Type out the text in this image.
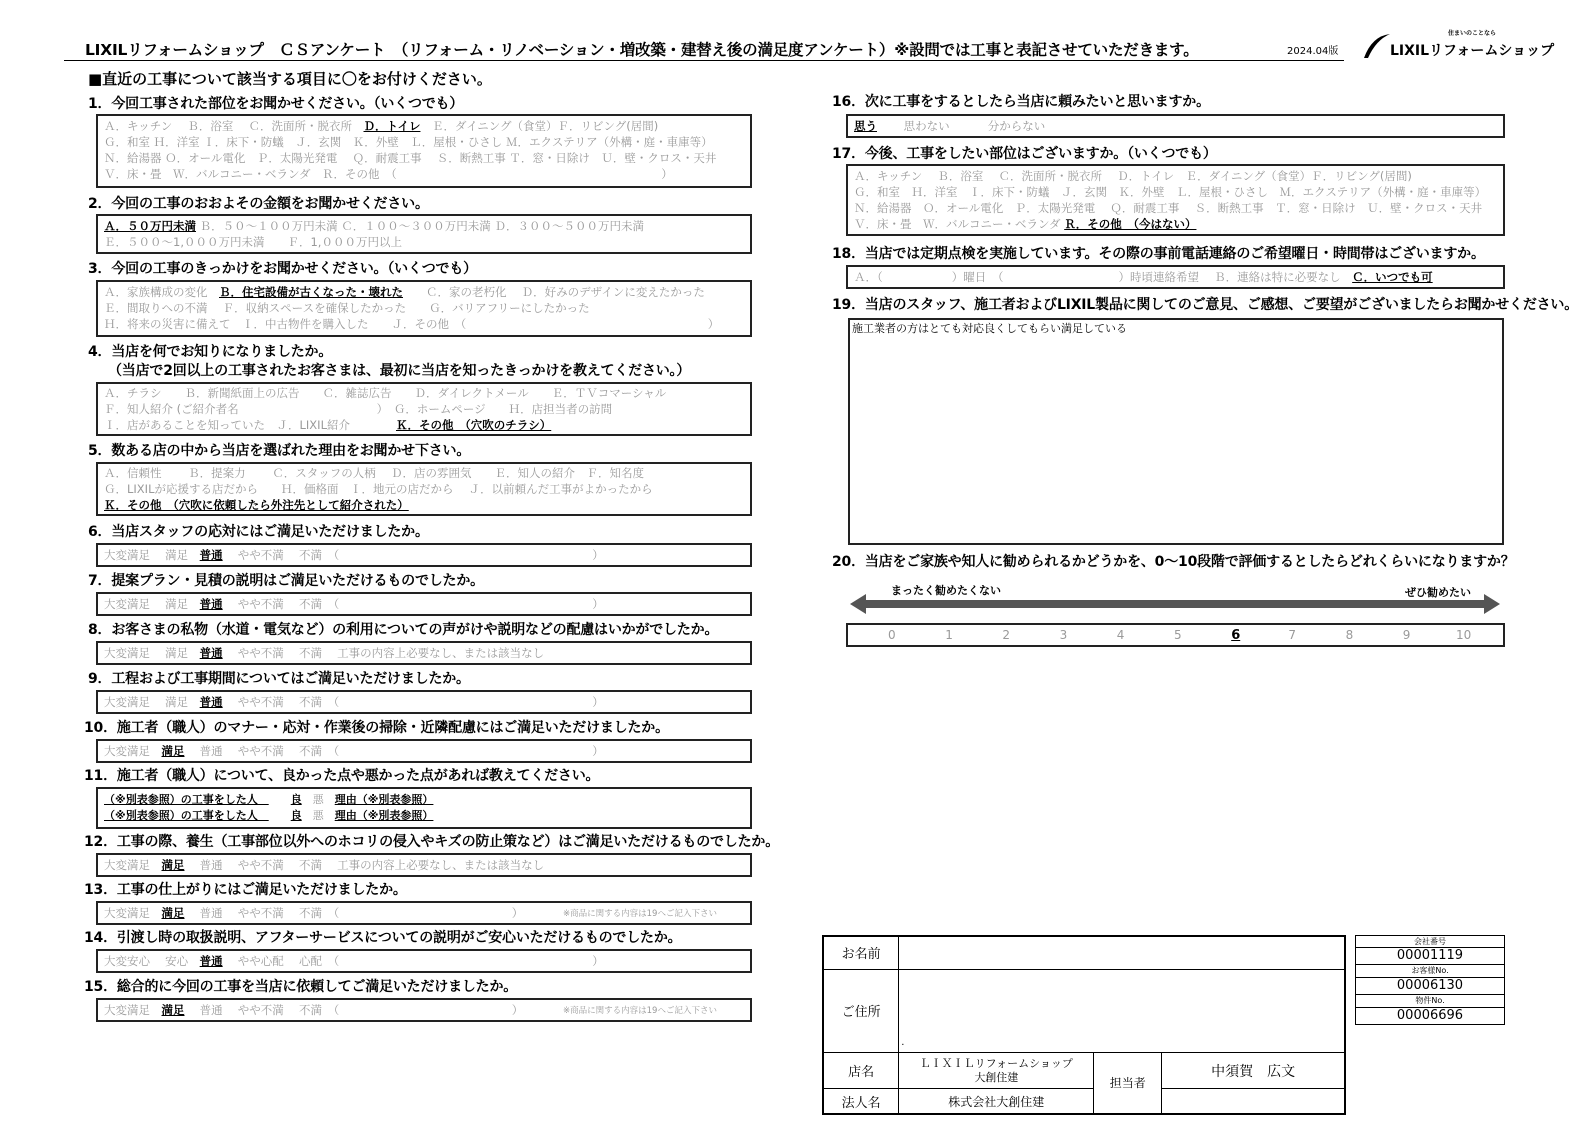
LIXILリフォームショップ　ＣＳアンケート　（リフォーム・リノベーション・増改築・建替え後の満足度アンケート）※設問では工事と表記させていただきます。	2024.04版
住まいのことなら
LIXILリフォームショップ
■直近の工事について該当する項目に〇をお付けください。
1．今回工事された部位をお聞かせください。（いくつでも）
Ａ．キッチン　 Ｂ．浴室　 Ｃ．洗面所・脱衣所　Ｄ．トイレ　Ｅ．ダイニング（食堂）Ｆ．リビング(居間)
Ｇ．和室 Ｈ．洋室 Ｉ．床下・防蟻　Ｊ．玄関　Ｋ．外壁　Ｌ．屋根・ひさし Ｍ．エクステリア（外構・庭・車庫等）
Ｎ．給湯器 Ｏ．オール電化　Ｐ．太陽光発電　 Ｑ．耐震工事　 Ｓ．断熱工事 Ｔ．窓・日除け　Ｕ．壁・クロス・天井
Ｖ．床・畳　Ｗ．バルコニー・ベランダ　Ｒ．その他　（　　　　　　　　　　　　　　　　　　　　　　　）
2．今回の工事のおおよその金額をお聞かせください。
Ａ．５０万円未満 Ｂ．５０～１００万円未満 Ｃ．１００～３００万円未満 Ｄ．３００～５００万円未満
Ｅ．５００～1,０００万円未満　　Ｆ．1,０００万円以上
3．今回の工事のきっかけをお聞かせください。（いくつでも）
Ａ．家族構成の変化　Ｂ．住宅設備が古くなった・壊れた　　Ｃ．家の老朽化　 Ｄ．好みのデザインに変えたかった
Ｅ．間取りへの不満　 Ｆ．収納スペースを確保したかった　　Ｇ．バリアフリーにしたかった
Ｈ．将来の災害に備えて　Ｉ．中古物件を購入した　　Ｊ．その他　（　　　　　　　　　　　　　　　　　　　　　）
4．当店を何でお知りになりましたか。
（当店で2回以上の工事されたお客さまは、最初に当店を知ったきっかけを教えてください。）
Ａ．チラシ　　Ｂ．新聞紙面上の広告　　Ｃ．雑誌広告　　Ｄ．ダイレクトメール　　Ｅ．ＴＶコマーシャル
Ｆ．知人紹介 (ご紹介者名　　　　　　　　　　　　）　Ｇ．ホームページ　　Ｈ．店担当者の訪問
Ｉ．店があることを知っていた　Ｊ．LIXIL紹介　　　　Ｋ．その他　（穴吹のチラシ）
5．数ある店の中から当店を選ばれた理由をお聞かせ下さい。
Ａ．信頼性　　 Ｂ．提案力　　 Ｃ．スタッフの人柄　 Ｄ．店の雰囲気　　Ｅ．知人の紹介　Ｆ．知名度
Ｇ．LIXILが応援する店だから　　Ｈ．価格面　Ｉ．地元の店だから　 Ｊ．以前頼んだ工事がよかったから
Ｋ．その他　（穴吹に依頼したら外注先として紹介された）
6．当店スタッフの応対にはご満足いただけましたか。
大変満足　 満足　普通　 やや不満　 不満　（　　　　　　　　　　　　　　　　　　　　　　）
7．提案プラン・見積の説明はご満足いただけるものでしたか。
大変満足　 満足　普通　 やや不満　 不満　（　　　　　　　　　　　　　　　　　　　　　　）
8．お客さまの私物（水道・電気など）の利用についての声がけや説明などの配慮はいかがでしたか。
大変満足　 満足　普通　 やや不満　 不満　 工事の内容上必要なし、または該当なし
9．工程および工事期間についてはご満足いただけましたか。
大変満足　 満足　普通　 やや不満　 不満　（　　　　　　　　　　　　　　　　　　　　　　）
10．施工者（職人）のマナー・応対・作業後の掃除・近隣配慮にはご満足いただけましたか。
大変満足　満足　 普通　 やや不満　 不満　（　　　　　　　　　　　　　　　　　　　　　　）
11．施工者（職人）について、良かった点や悪かった点があれば教えてください。
（※別表参照）の工事をした人　　　良　 悪　 理由（※別表参照）
（※別表参照）の工事をした人　　　良　 悪　 理由（※別表参照）
12．工事の際、養生（工事部位以外へのホコリの侵入やキズの防止策など）はご満足いただけるものでしたか。
大変満足　満足　 普通　 やや不満　 不満　 工事の内容上必要なし、または該当なし
13．工事の仕上がりにはご満足いただけましたか。
大変満足　満足　 普通　 やや不満　 不満　（　　　　　　　　　　　　　　　）	※商品に関する内容は19へご記入下さい
14．引渡し時の取扱説明、アフターサービスについての説明がご安心いただけるものでしたか。
大変安心　 安心　普通　 やや心配　 心配　（　　　　　　　　　　　　　　　　　　　　　　）
15．総合的に今回の工事を当店に依頼してご満足いただけましたか。
大変満足　満足　 普通　 やや不満　 不満　（　　　　　　　　　　　　　　　）	※商品に関する内容は19へご記入下さい
16．次に工事をするとしたら当店に頼みたいと思いますか。
思う　　 思わない　　　 分からない
17．今後、工事をしたい部位はございますか。（いくつでも）
Ａ．キッチン　 Ｂ．浴室　 Ｃ．洗面所・脱衣所　 Ｄ．トイレ　Ｅ．ダイニング（食堂）Ｆ．リビング(居間)
Ｇ．和室　Ｈ．洋室　Ｉ．床下・防蟻　Ｊ．玄関　Ｋ．外壁　Ｌ．屋根・ひさし　Ｍ．エクステリア（外構・庭・車庫等）
Ｎ．給湯器　Ｏ．オール電化　Ｐ．太陽光発電　 Ｑ．耐震工事　 Ｓ．断熱工事　Ｔ．窓・日除け　Ｕ．壁・クロス・天井
Ｖ．床・畳　Ｗ．バルコニー・ベランダ Ｒ．その他　（今はない）
18．当店では定期点検を実施しています。その際の事前電話連絡のご希望曜日・時間帯はございますか。
Ａ．（　　　　　　）曜日　（　　　　　　　　　　）時頃連絡希望　 Ｂ．連絡は特に必要なし　Ｃ．いつでも可
19．当店のスタッフ、施工者およびLIXIL製品に関してのご意見、ご感想、ご要望がございましたらお聞かせください。
施工業者の方はとても対応良くしてもらい満足している
20．当店をご家族や知人に勧められるかどうかを、0～10段階で評価するとしたらどれくらいになりますか？
まったく勧めたくない	ぜひ勧めたい
0	1	2	3	4	5	6	7	8	9	10
お名前			
ご住所	.		
店名	ＬＩＸＩＬリフォームショップ
大創住建	担当者	中須賀　広文
法人名	株式会社大創住建		
会社番号
00001119
お客様No.
00006130
物件No.
00006696
